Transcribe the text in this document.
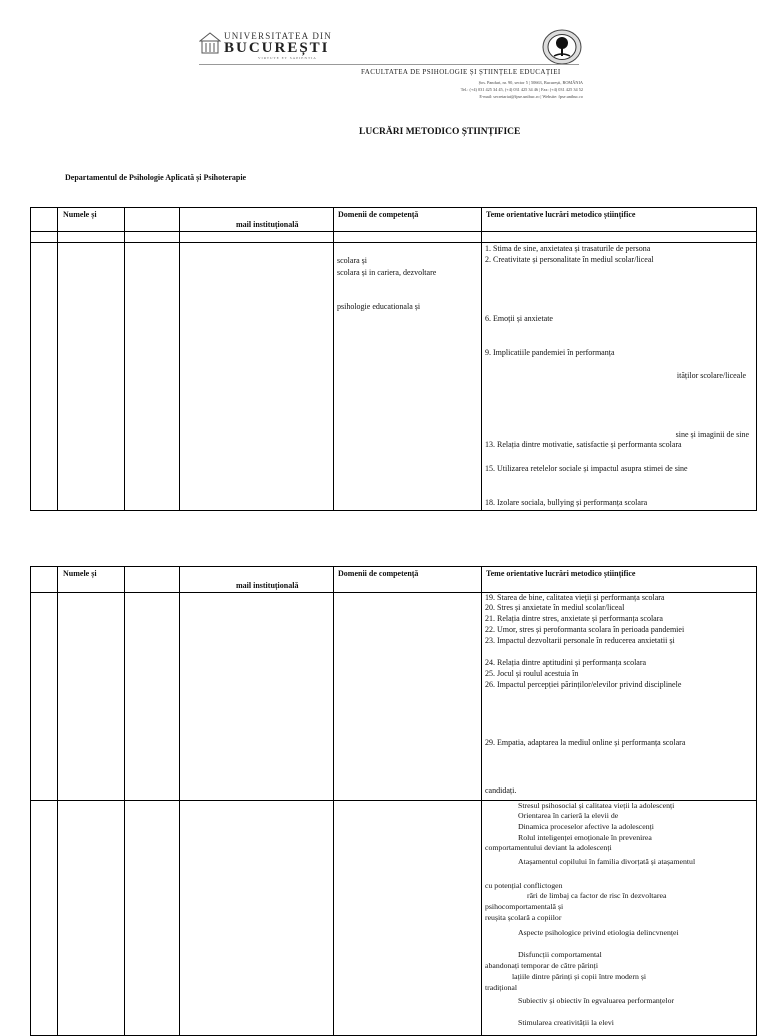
UNIVERSITATEA DIN
BUCUREȘTI
VIRTUTE ET SAPIENTIA
FACULTATEA DE PSIHOLOGIE ȘI ȘTIINȚELE EDUCAȚIEI
Șos. Panduri, nr. 90, sector 5 | 50663, București, ROMÂNIA
Tel.: (+4) 031 425 34 45, (+4) 031 425 34 46 | Fax: (+4) 031 425 34 52
E-mail: secretariat@fpse.unibuc.ro | Website: fpse.unibuc.ro
LUCRĂRI METODICO ȘTIINȚIFICE
Departamentul de Psihologie Aplicată și Psihoterapie
Numele și
mail instituțională
Domenii de competență	Teme orientative lucrări metodico științifice
scolara și
scolara și in cariera, dezvoltare
psihologie educationala și
1. Stima de sine, anxietatea și trasaturile de persona
2. Creativitate și personalitate în mediul scolar/liceal
6. Emoții și anxietate
9. Implicatiile pandemiei în performanța
ităților scolare/liceale
sine și imaginii de sine
13. Relația dintre motivatie, satisfactie și performanta scolara
15. Utilizarea retelelor sociale și impactul asupra stimei de sine
18. Izolare sociala, bullying și performanța scolara
Numele și
mail instituțională
Domenii de competență	Teme orientative lucrări metodico științifice
19. Starea de bine, calitatea vieții și performanța scolara
20. Stres și anxietate în mediul scolar/liceal
21. Relația dintre stres, anxietate și performanța scolara
22. Umor, stres și peroformanta scolara în perioada pandemiei
23. Impactul dezvoltarii personale în reducerea anxietatii și
24. Relația dintre aptitudini și performanța scolara
25. Jocul și roulul acestuia în
26. Impactul percepției părinților/elevilor privind disciplinele
29. Empatia, adaptarea la mediul online și performanța scolara
candidați.
Stresul psihosocial și calitatea vieții la adolescenți
Orientarea în carieră la elevii de
Dinamica proceselor afective la adolescenți
Rolul inteligenței emoționale în prevenirea
comportamentului deviant la adolescenți
Atașamentul copilului în familia divorțată și atașamentul
cu potențial conflictogen
rări de limbaj ca factor de risc în dezvoltarea
psihocomportamentală și
reușita școlară a copiilor
Aspecte psihologice privind etiologia delincvnenței
Disfuncții comportamental
abandonați temporar de către părinți
lațiile dintre părinți și copii între modern și
tradițional
Subiectiv și obiectiv în egvaluarea performanțelor
Stimularea creativității la elevi
